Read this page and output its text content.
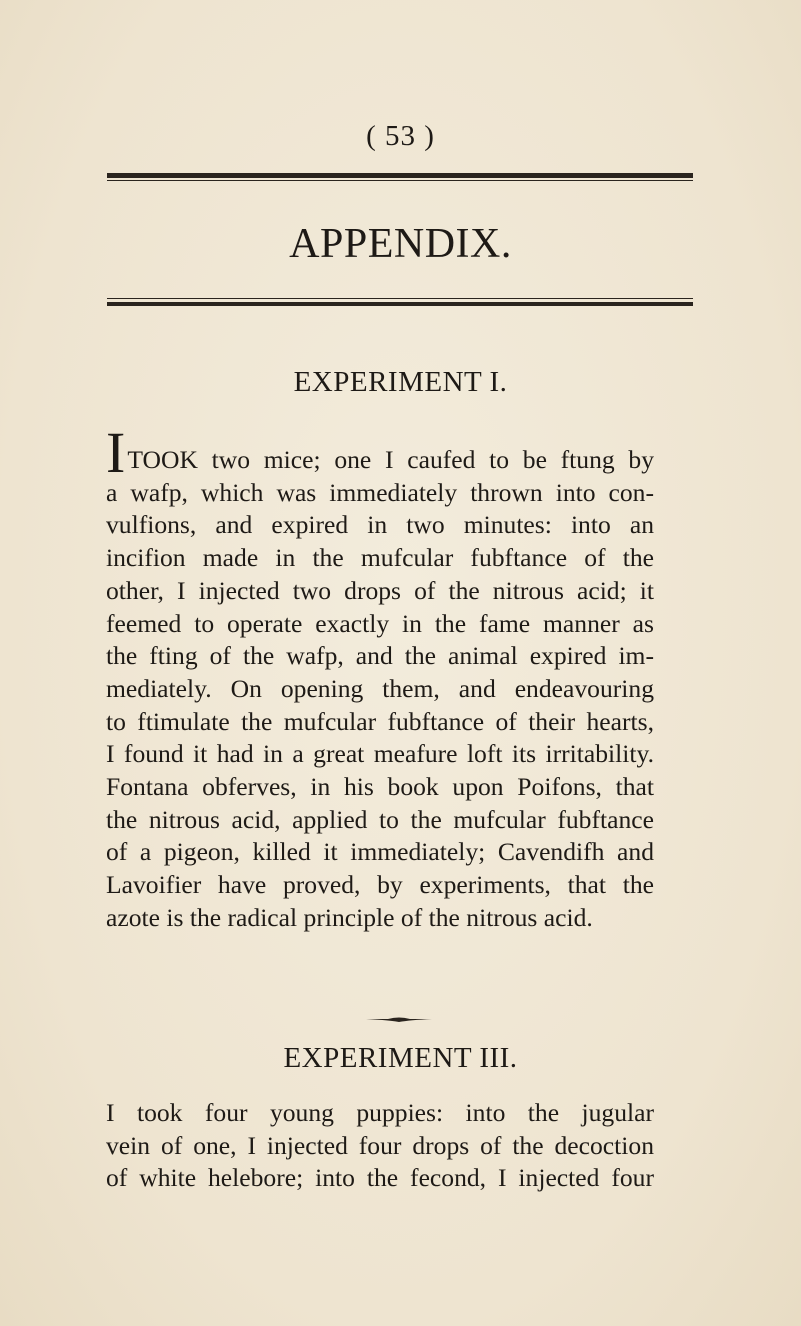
( 53 )
APPENDIX.
EXPERIMENT I.
ITOOK two mice; one I caufed to be ftung by
a wafp, which was immediately thrown into con-
vulfions, and expired in two minutes: into an
incifion made in the mufcular fubftance of the
other, I injected two drops of the nitrous acid; it
feemed to operate exactly in the fame manner as
the fting of the wafp, and the animal expired im-
mediately. On opening them, and endeavouring
to ftimulate the mufcular fubftance of their hearts,
I found it had in a great meafure loft its irritability.
Fontana obferves, in his book upon Poifons, that
the nitrous acid, applied to the mufcular fubftance
of a pigeon, killed it immediately; Cavendifh and
Lavoifier have proved, by experiments, that the
azote is the radical principle of the nitrous acid.
EXPERIMENT III.
I took four young puppies: into the jugular
vein of one, I injected four drops of the decoction
of white helebore; into the fecond, I injected four
